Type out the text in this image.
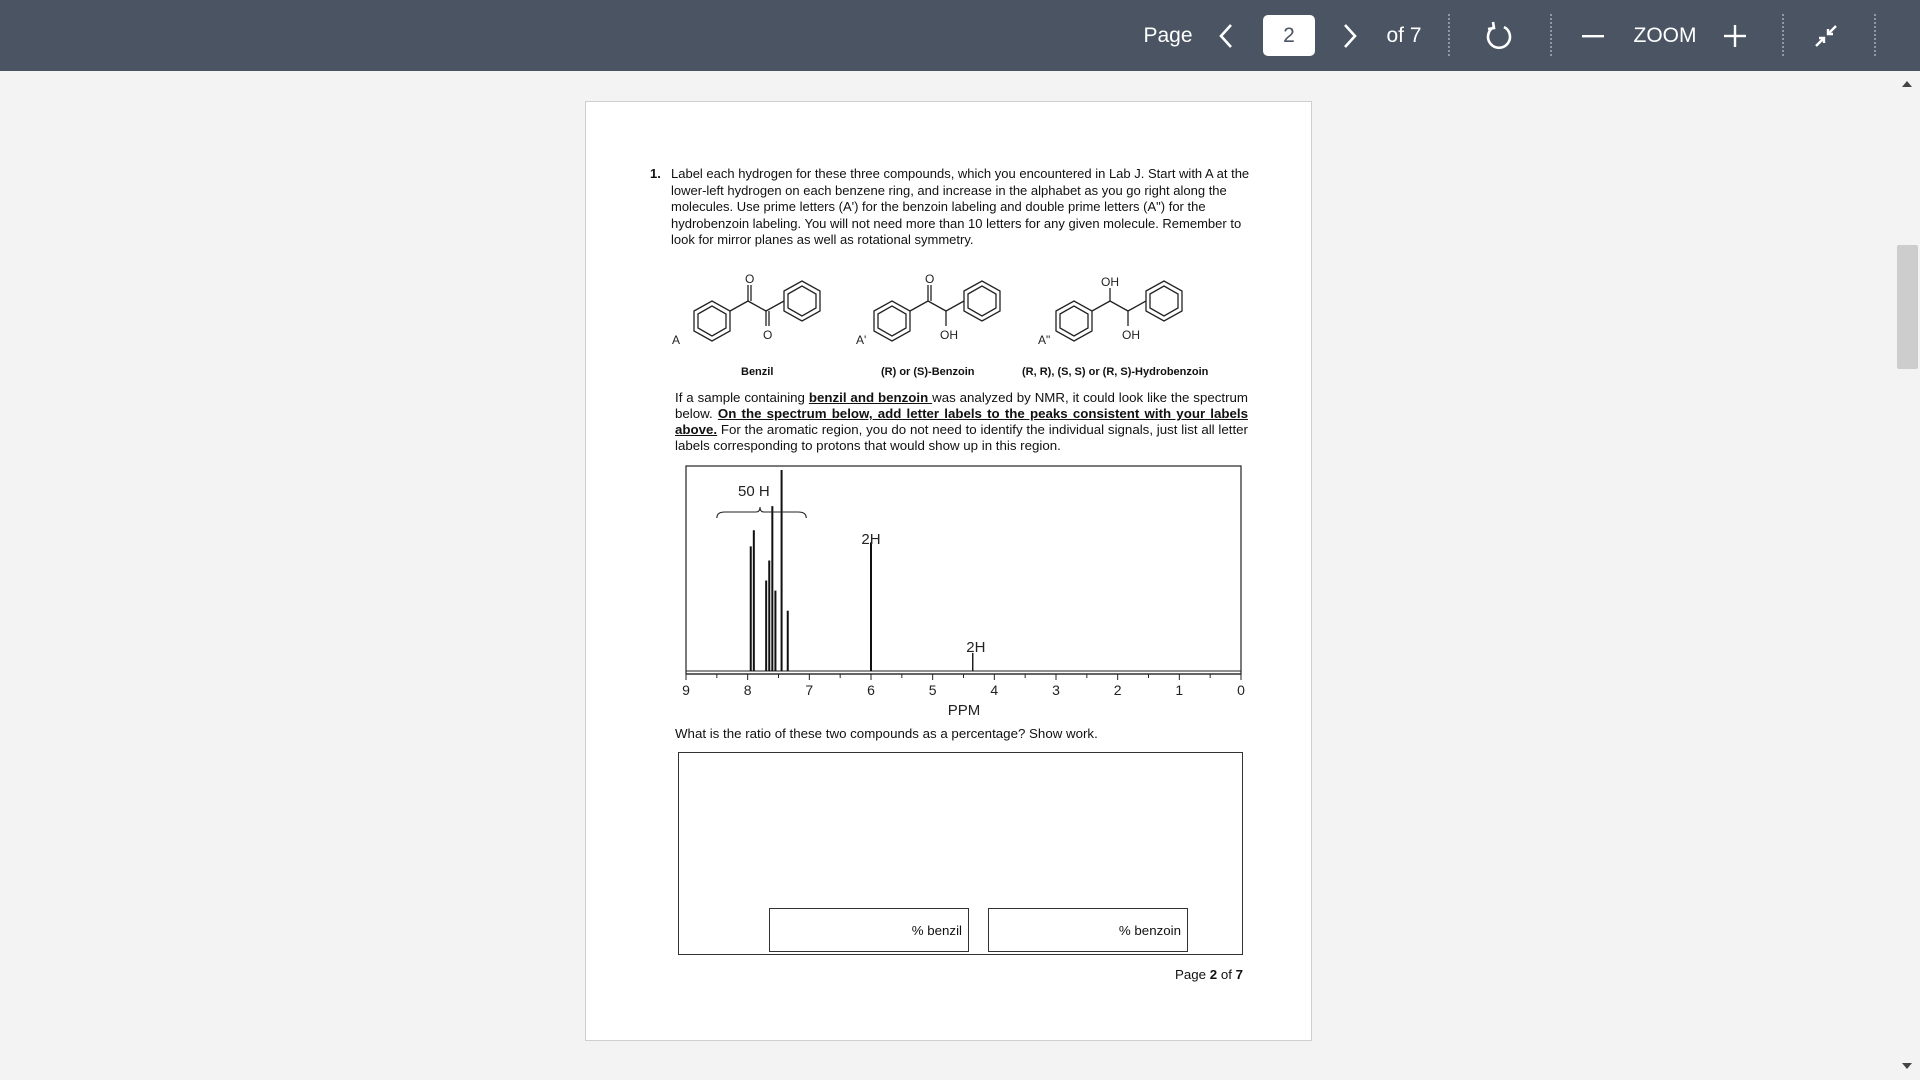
Page	2	of 7	ZOOM
1. Label each hydrogen for these three compounds, which you encountered in Lab J. Start with A at the lower-left hydrogen on each benzene ring, and increase in the alphabet as you go right along the molecules. Use prime letters (A') for the benzoin labeling and double prime letters (A") for the hydrobenzoin labeling. You will not need more than 10 letters for any given molecule. Remember to look for mirror planes as well as rotational symmetry.
A
O
O	A'
O
OH	A"
OH
OH
Benzil	(R) or (S)-Benzoin	(R, R), (S, S) or (R, S)-Hydrobenzoin
If a sample containing benzil and benzoin was analyzed by NMR, it could look like the spectrum below. On the spectrum below, add letter labels to the peaks consistent with your labels above. For the aromatic region, you do not need to identify the individual signals, just list all letter labels corresponding to protons that would show up in this region.
9	8	7	6	5	4	3	2	1	0
50 H
2H
2H
PPM
What is the ratio of these two compounds as a percentage? Show work.
% benzil	% benzoin
Page 2 of 7
